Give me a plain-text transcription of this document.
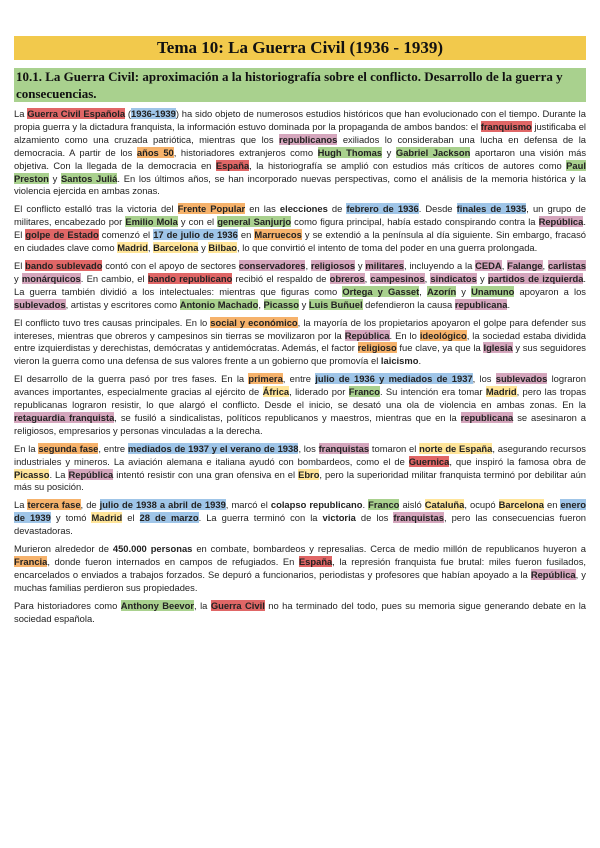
Tema 10: La Guerra Civil (1936 - 1939)
10.1. La Guerra Civil: aproximación a la historiografía sobre el conflicto. Desarrollo de la guerra y consecuencias.

La Guerra Civil Española (1936-1939) ha sido objeto de numerosos estudios históricos que han evolucionado con el tiempo. Durante la propia guerra y la dictadura franquista, la información estuvo dominada por la propaganda de ambos bandos: el franquismo justificaba el alzamiento como una cruzada patriótica, mientras que los republicanos exiliados lo consideraban una lucha en defensa de la democracia. A partir de los años 50, historiadores extranjeros como Hugh Thomas y Gabriel Jackson aportaron una visión más objetiva. Con la llegada de la democracia en España, la historiografía se amplió con estudios más críticos de autores como Paul Preston y Santos Juliá. En los últimos años, se han incorporado nuevas perspectivas, como el análisis de la memoria histórica y la violencia ejercida en ambas zonas.

El conflicto estalló tras la victoria del Frente Popular en las elecciones de febrero de 1936. Desde finales de 1935, un grupo de militares, encabezado por Emilio Mola y con el general Sanjurjo como figura principal, había estado conspirando contra la República. El golpe de Estado comenzó el 17 de julio de 1936 en Marruecos y se extendió a la península al día siguiente. Sin embargo, fracasó en ciudades clave como Madrid, Barcelona y Bilbao, lo que convirtió el intento de toma del poder en una guerra prolongada.

El bando sublevado contó con el apoyo de sectores conservadores, religiosos y militares, incluyendo a la CEDA, Falange, carlistas y monárquicos. En cambio, el bando republicano recibió el respaldo de obreros, campesinos, sindicatos y partidos de izquierda. La guerra también dividió a los intelectuales: mientras que figuras como Ortega y Gasset, Azorín y Unamuno apoyaron a los sublevados, artistas y escritores como Antonio Machado, Picasso y Luis Buñuel defendieron la causa republicana.

El conflicto tuvo tres causas principales. En lo social y económico, la mayoría de los propietarios apoyaron el golpe para defender sus intereses, mientras que obreros y campesinos sin tierras se movilizaron por la República. En lo ideológico, la sociedad estaba dividida entre izquierdistas y derechistas, demócratas y antidemócratas. Además, el factor religioso fue clave, ya que la Iglesia y sus seguidores vieron la guerra como una defensa de sus valores frente a un gobierno que promovía el laicismo.

El desarrollo de la guerra pasó por tres fases. En la primera, entre julio de 1936 y mediados de 1937, los sublevados lograron avances importantes, especialmente gracias al ejército de África, liderado por Franco. Su intención era tomar Madrid, pero las tropas republicanas lograron resistir, lo que alargó el conflicto. Desde el inicio, se desató una ola de violencia en ambas zonas. En la retaguardia franquista, se fusiló a sindicalistas, políticos republicanos y maestros, mientras que en la republicana se asesinaron a religiosos, empresarios y personas vinculadas a la derecha.

En la segunda fase, entre mediados de 1937 y el verano de 1938, los franquistas tomaron el norte de España, asegurando recursos industriales y mineros. La aviación alemana e italiana ayudó con bombardeos, como el de Guernica, que inspiró la famosa obra de Picasso. La República intentó resistir con una gran ofensiva en el Ebro, pero la superioridad militar franquista terminó por debilitar aún más su posición.

La tercera fase, de julio de 1938 a abril de 1939, marcó el colapso republicano. Franco aisló Cataluña, ocupó Barcelona en enero de 1939 y tomó Madrid el 28 de marzo. La guerra terminó con la victoria de los franquistas, pero las consecuencias fueron devastadoras.

Murieron alrededor de 450.000 personas en combate, bombardeos y represalias. Cerca de medio millón de republicanos huyeron a Francia, donde fueron internados en campos de refugiados. En España, la represión franquista fue brutal: miles fueron fusilados, encarcelados o enviados a trabajos forzados. Se depuró a funcionarios, periodistas y profesores que habían apoyado a la República, y muchas familias perdieron sus propiedades.

Para historiadores como Anthony Beevor, la Guerra Civil no ha terminado del todo, pues su memoria sigue generando debate en la sociedad española.
